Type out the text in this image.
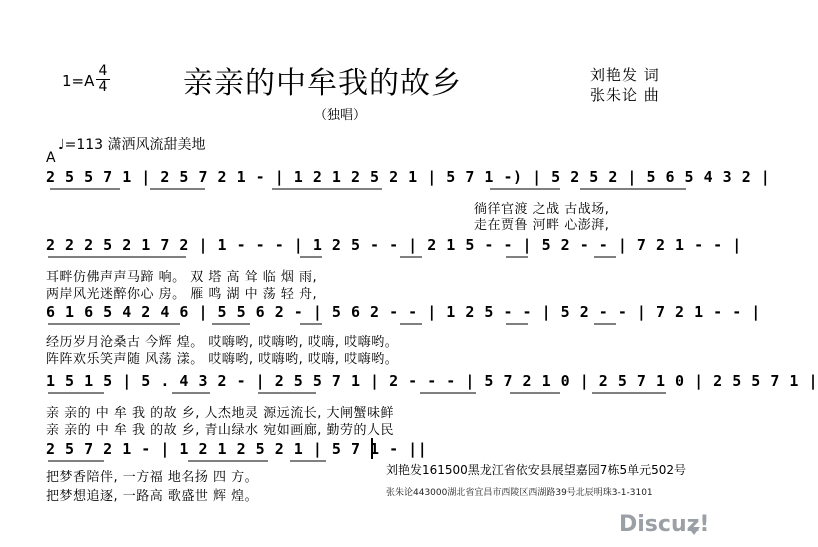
$1=A \frac{4}{4}$ 亲亲的中牟我的故乡
（独唱）
刘艳发 词
张朱论 曲
♩=113 潇洒风流甜美地
A
2 5 5 7 1 | 2 5 7 2 1 - | 1 2 1 2 5 2 1 | 5 7 1 -) | 5 2 5 2 | 5 6 5 4 3 2 |
徜徉官渡 之战 古战场,
走在贾鲁 河畔 心澎湃,
2 2 2 5 2 1 7 2 | 1 - - - | 1 2 5 - - | 2 1 5 - - | 5 2 - - | 7 2 1 - - |
耳畔仿佛声声马蹄 响。 双 塔 高 耸 临 烟 雨,
两岸风光迷醉你心 房。 雁 鸣 湖 中 荡 轻 舟,
6 1 6 5 4 2 4 6 | 5 5 6 2 - | 5 6 2 - - | 1 2 5 - - | 5 2 - - | 7 2 1 - - |
经历岁月沧桑古 今辉 煌。 哎嗨哟, 哎嗨哟, 哎嗨, 哎嗨哟。
阵阵欢乐笑声随 风荡 漾。 哎嗨哟, 哎嗨哟, 哎嗨, 哎嗨哟。
1 5 1 5 | 5 . 4 3 2 - | 2 5 5 7 1 | 2 - - - | 5 7 2 1 0 | 2 5 7 1 0 | 2 5 5 7 1 |
亲 亲的 中 牟 我 的故 乡, 人杰地灵 源远流长, 大闸蟹味鲜
亲 亲的 中 牟 我 的故 乡, 青山绿水 宛如画廊, 勤劳的人民
2 5 7 2 1 - | 1 2 1 2 5 2 1 | 5 7 1 - ||
把梦香陪伴, 一方福 地名扬 四 方。
把梦想追逐, 一路高 歌盛世 辉 煌。
刘艳发161500黑龙江省依安县展望嘉园7栋5单元502号
张朱论443000湖北省宜昌市西陵区西湖路39号北辰明珠3-1-3101
Discuz!
